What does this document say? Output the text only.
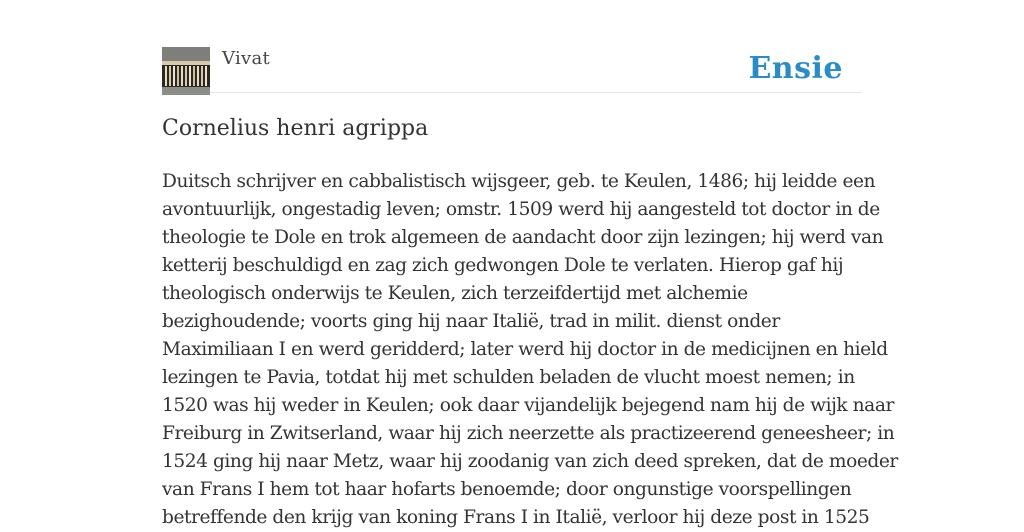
Vivat	Ensie
Cornelius henri agrippa
Duitsch schrijver en cabbalistisch wijsgeer, geb. te Keulen, 1486; hij leidde een
avontuurlijk, ongestadig leven; omstr. 1509 werd hij aangesteld tot doctor in de
theologie te Dole en trok algemeen de aandacht door zijn lezingen; hij werd van
ketterij beschuldigd en zag zich gedwongen Dole te verlaten. Hierop gaf hij
theologisch onderwijs te Keulen, zich terzeifdertijd met alchemie
bezighoudende; voorts ging hij naar Italië, trad in milit. dienst onder
Maximiliaan I en werd geridderd; later werd hij doctor in de medicijnen en hield
lezingen te Pavia, totdat hij met schulden beladen de vlucht moest nemen; in
1520 was hij weder in Keulen; ook daar vijandelijk bejegend nam hij de wijk naar
Freiburg in Zwitserland, waar hij zich neerzette als practizeerend geneesheer; in
1524 ging hij naar Metz, waar hij zoodanig van zich deed spreken, dat de moeder
van Frans I hem tot haar hofarts benoemde; door ongunstige voorspellingen
betreffende den krijg van koning Frans I in Italië, verloor hij deze post in 1525
